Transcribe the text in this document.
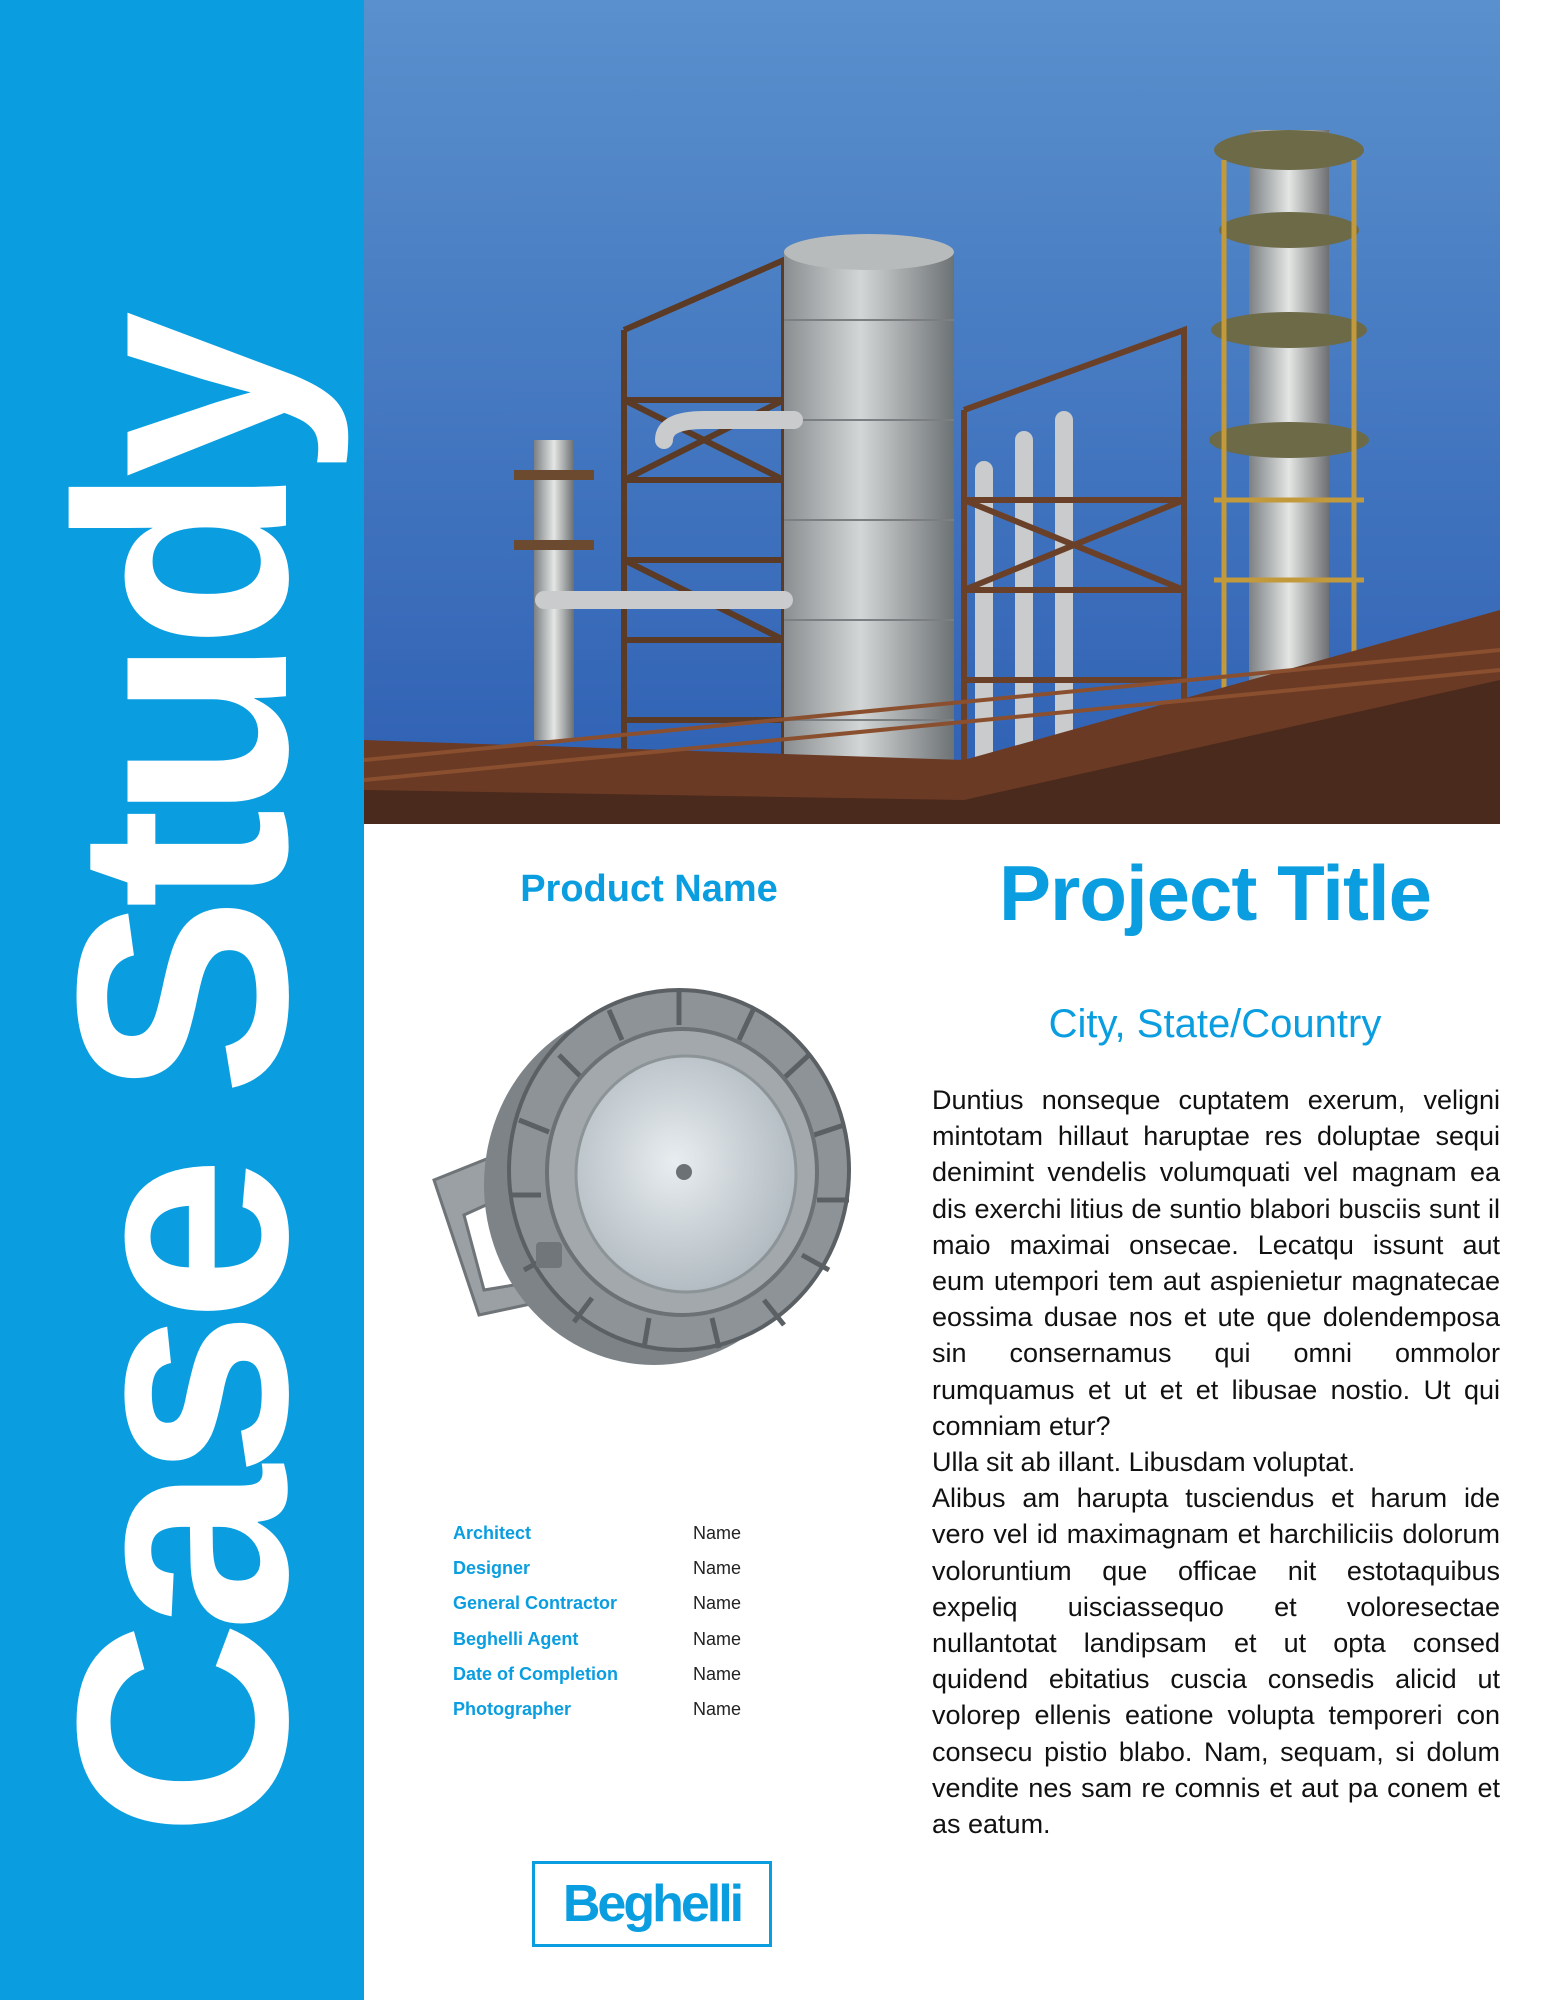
Case Study	Product Name	Project Title
City, State/Country

Duntius nonseque cuptatem exerum, veligni mintotam hillaut haruptae res doluptae sequi denimint vendelis volumquati vel magnam ea dis exerchi litius de suntio blabori busciis sunt il maio maximai onsecae. Lecatqu issunt aut eum utempori tem aut aspienietur magnatecae eossima dusae nos et ute que dolendemposa sin consernamus qui omni ommolor rumquamus et ut et et libusae nostio. Ut qui comniam etur?

Ulla sit ab illant. Libusdam voluptat.

Alibus am harupta tusciendus et harum ide vero vel id maximagnam et harchiliciis dolorum voloruntium que officae nit estotaquibus expeliq uisciassequo et voloresectae nullantotat landipsam et ut opta consed quidend ebitatius cuscia consedis alicid ut volorep ellenis eatione volupta temporeri con consecu pistio blabo. Nam, sequam, si dolum vendite nes sam re comnis et aut pa conem et as eatum.

Architect	Name
Designer	Name
General Contractor	Name
Beghelli Agent	Name
Date of Completion	Name
Photographer	Name
Beghelli
